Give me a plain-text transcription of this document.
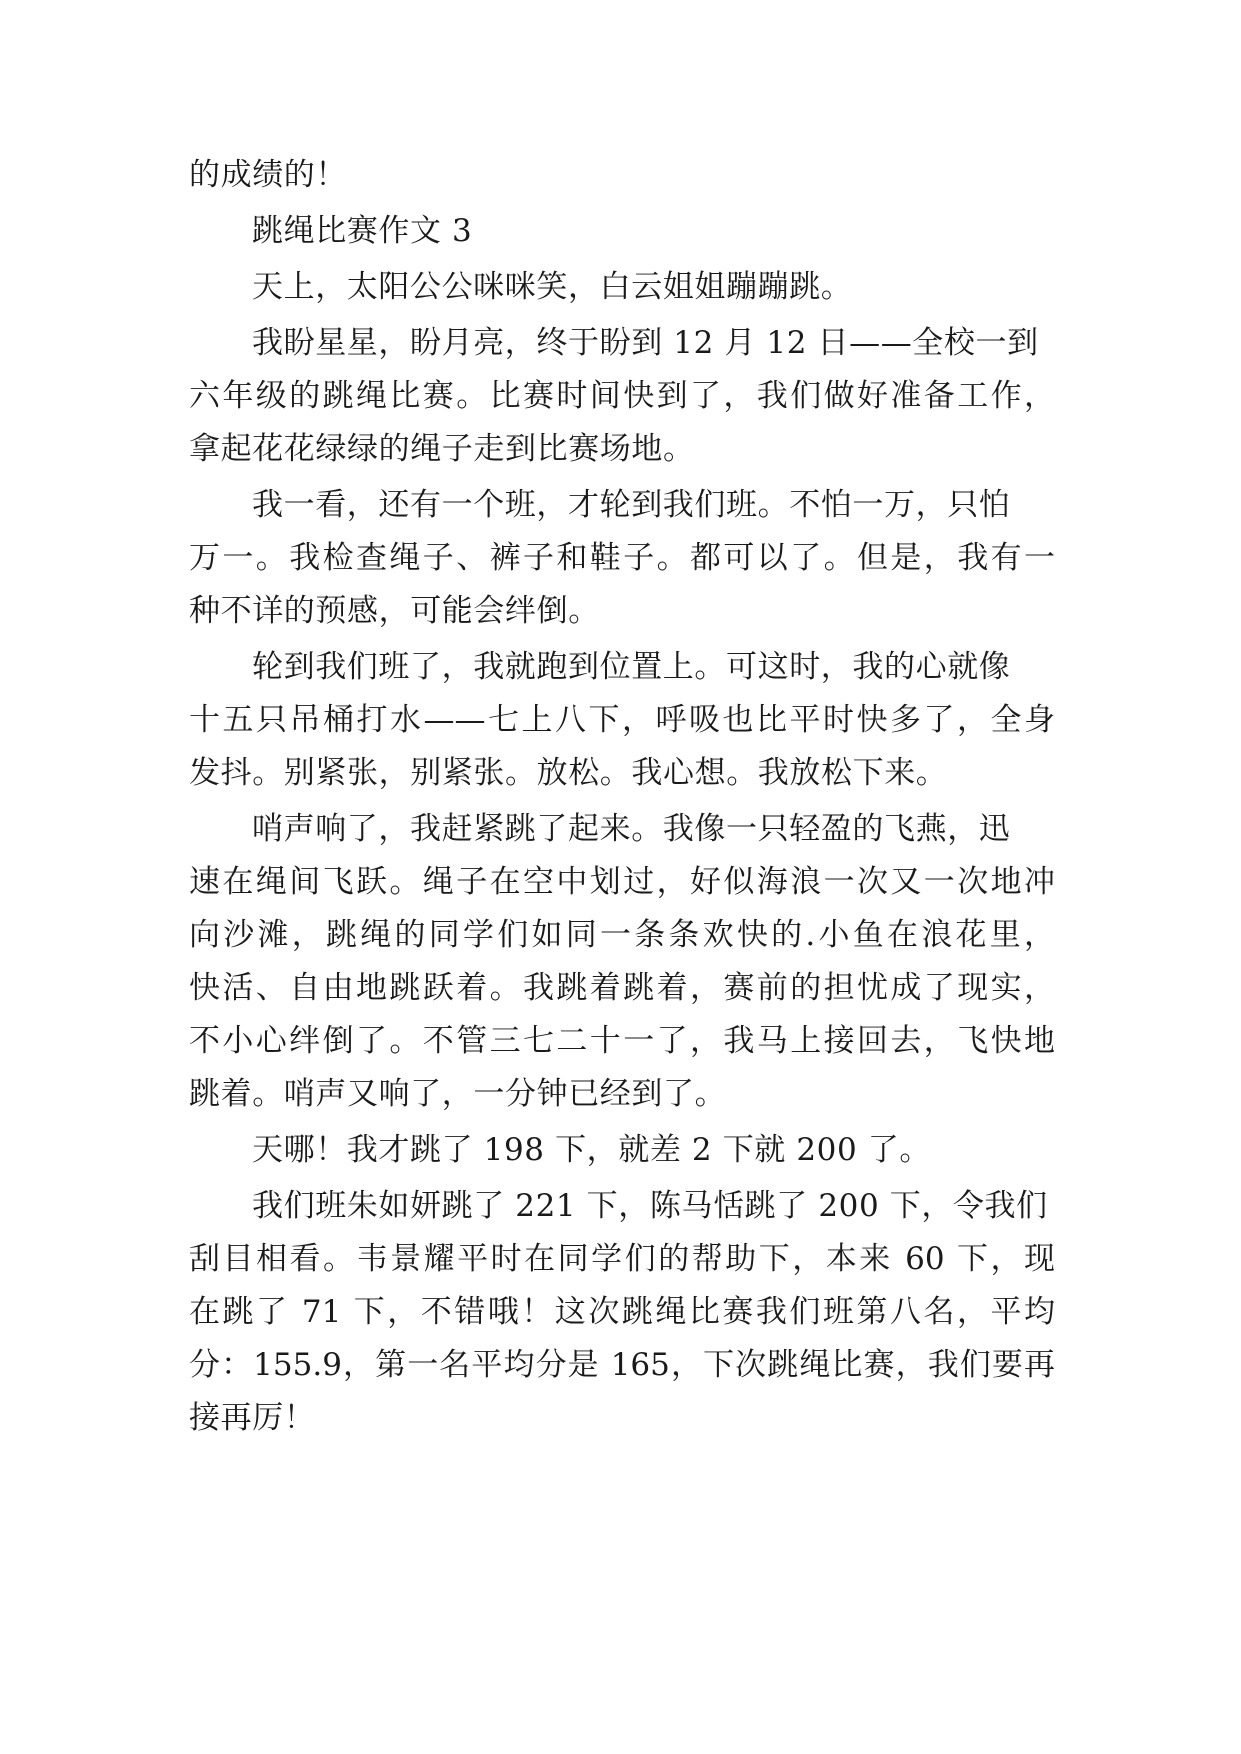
的成绩的！
跳绳比赛作文 3
天上，太阳公公咪咪笑，白云姐姐蹦蹦跳。
我盼星星，盼月亮，终于盼到 12 月 12 日——全校一到
六年级的跳绳比赛。比赛时间快到了，我们做好准备工作，
拿起花花绿绿的绳子走到比赛场地。
我一看，还有一个班，才轮到我们班。不怕一万，只怕
万一。我检查绳子、裤子和鞋子。都可以了。但是，我有一
种不详的预感，可能会绊倒。
轮到我们班了，我就跑到位置上。可这时，我的心就像
十五只吊桶打水——七上八下，呼吸也比平时快多了，全身
发抖。别紧张，别紧张。放松。我心想。我放松下来。
哨声响了，我赶紧跳了起来。我像一只轻盈的飞燕，迅
速在绳间飞跃。绳子在空中划过，好似海浪一次又一次地冲
向沙滩，跳绳的同学们如同一条条欢快的.小鱼在浪花里，
快活、自由地跳跃着。我跳着跳着，赛前的担忧成了现实，
不小心绊倒了。不管三七二十一了，我马上接回去，飞快地
跳着。哨声又响了，一分钟已经到了。
天哪！我才跳了 198 下，就差 2 下就 200 了。
我们班朱如妍跳了 221 下，陈马恬跳了 200 下，令我们
刮目相看。韦景耀平时在同学们的帮助下，本来 60 下，现
在跳了 71 下，不错哦！这次跳绳比赛我们班第八名，平均
分：155.9，第一名平均分是 165，下次跳绳比赛，我们要再
接再厉！
